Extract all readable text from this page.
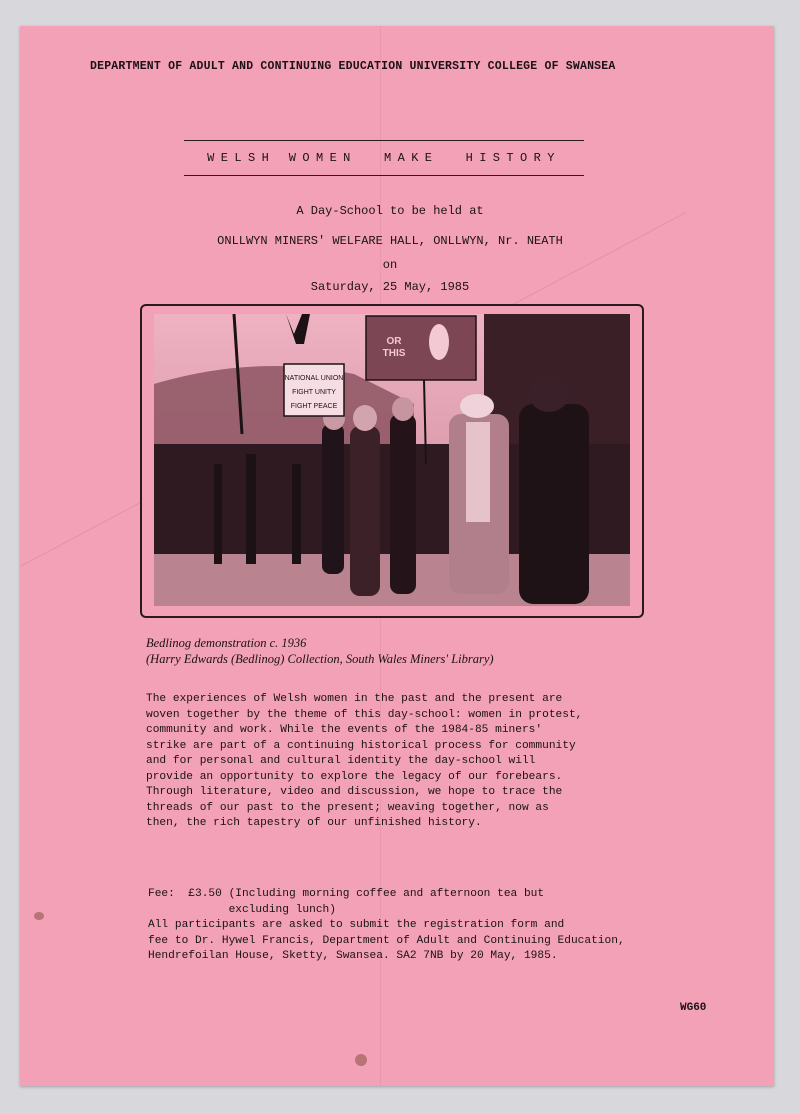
DEPARTMENT OF ADULT AND CONTINUING EDUCATION UNIVERSITY COLLEGE OF SWANSEA
WELSH WOMEN  MAKE  HISTORY
A Day-School to be held at
ONLLWYN MINERS' WELFARE HALL, ONLLWYN, Nr. NEATH
on
Saturday, 25 May, 1985
NATIONAL UNION
FIGHT UNITY
FIGHT PEACE
OR
THIS
Bedlinog demonstration c. 1936
(Harry Edwards (Bedlinog) Collection, South Wales Miners' Library)
The experiences of Welsh women in the past and the present are
woven together by the theme of this day-school: women in protest,
community and work. While the events of the 1984-85 miners'
strike are part of a continuing historical process for community
and for personal and cultural identity the day-school will
provide an opportunity to explore the legacy of our forebears.
Through literature, video and discussion, we hope to trace the
threads of our past to the present; weaving together, now as
then, the rich tapestry of our unfinished history.
Fee:  £3.50 (Including morning coffee and afternoon tea but
excluding lunch)
All participants are asked to submit the registration form and
fee to Dr. Hywel Francis, Department of Adult and Continuing Education,
Hendrefoilan House, Sketty, Swansea. SA2 7NB by 20 May, 1985.
WG60
